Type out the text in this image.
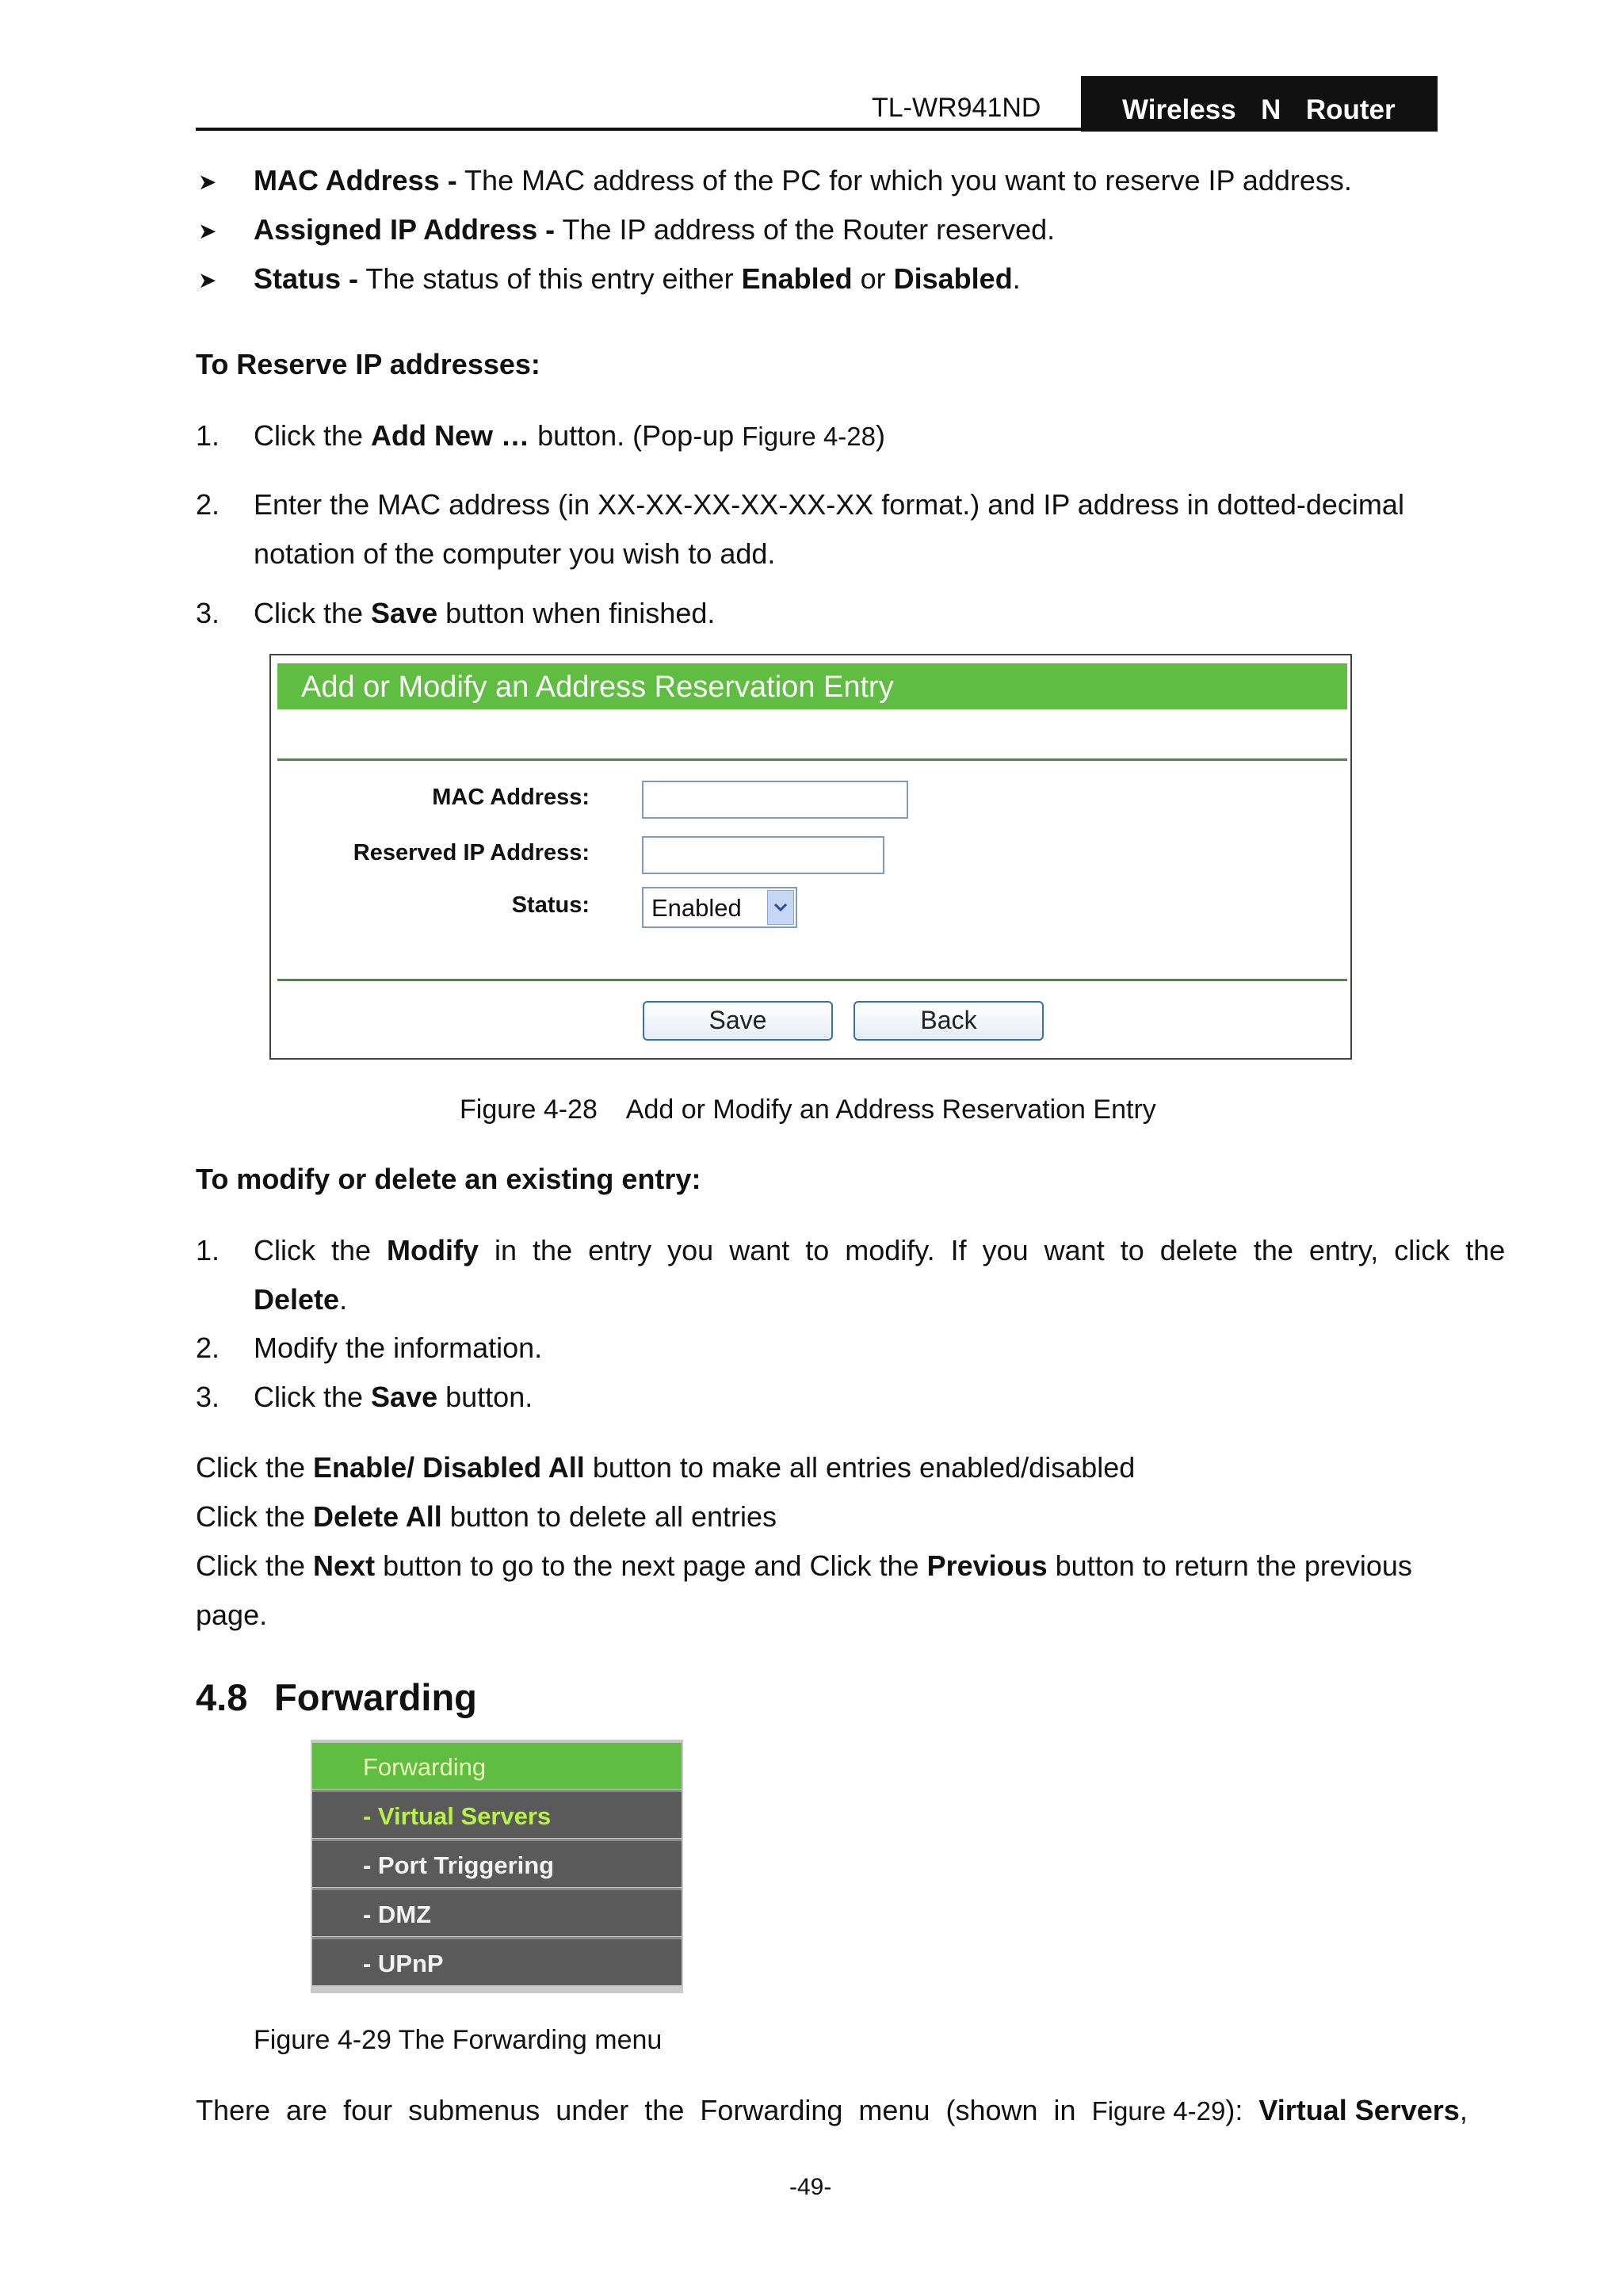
TL-WR941ND	Wireless  N  Router
➤ MAC Address - The MAC address of the PC for which you want to reserve IP address.
➤ Assigned IP Address - The IP address of the Router reserved.
➤ Status - The status of this entry either Enabled or Disabled.
To Reserve IP addresses:
1. Click the Add New … button. (Pop-up Figure 4-28)
2. Enter the MAC address (in XX-XX-XX-XX-XX-XX format.) and IP address in dotted-decimal
notation of the computer you wish to add.
3. Click the Save button when finished.
Add or Modify an Address Reservation Entry
MAC Address:
Reserved IP Address:
Status:	Enabled
Save	Back
Figure 4-28    Add or Modify an Address Reservation Entry
To modify or delete an existing entry:
1. Click  the  Modify  in  the  entry  you  want  to  modify.  If  you  want  to  delete  the  entry,  click  the
Delete.
2. Modify the information.
3. Click the Save button.
Click the Enable/ Disabled All button to make all entries enabled/disabled
Click the Delete All button to delete all entries
Click the Next button to go to the next page and Click the Previous button to return the previous
page.
4.8 Forwarding
Forwarding
- Virtual Servers
- Port Triggering
- DMZ
- UPnP
Figure 4-29 The Forwarding menu
There  are  four  submenus  under  the  Forwarding  menu  (shown  in  Figure 4-29):  Virtual Servers,
-49-
